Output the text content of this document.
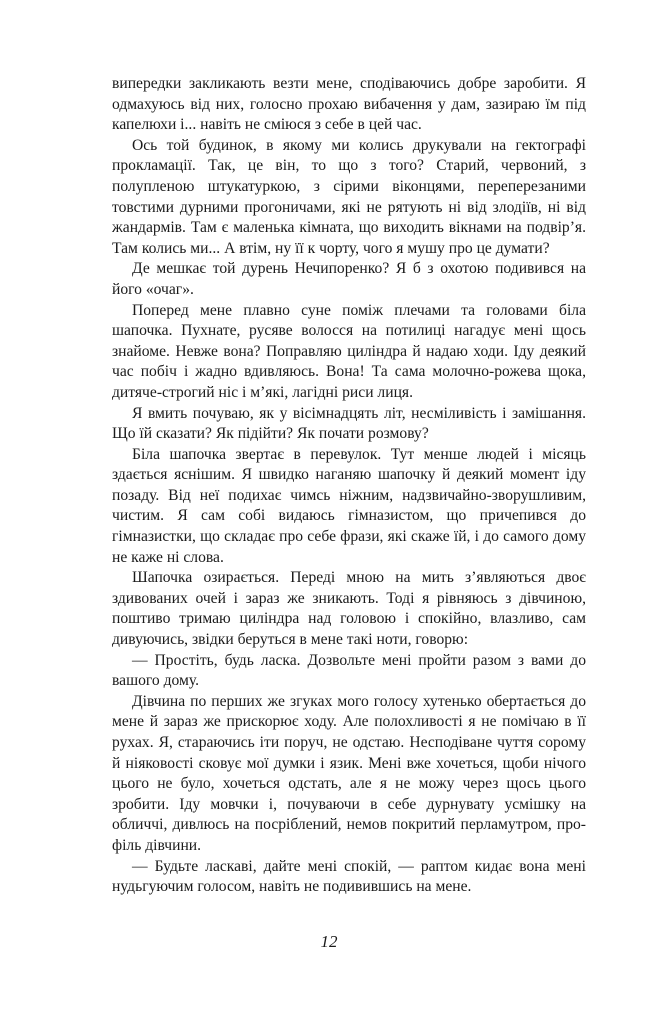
випередки закликають везти мене, сподіваючись добре заробити. Я одмахуюсь від них, голосно прохаю вибачення у дам, зазираю їм під капелюхи і... навіть не сміюся з себе в цей час.

Ось той будинок, в якому ми колись друкували на гектографі прокламації. Так, це він, то що з того? Старий, червоний, з полупленою штукатуркою, з сірими віконцями, переперезаними товстими дурними прогоничами, які не рятують ні від злодіїв, ні від жандармів. Там є маленька кімната, що виходить вікнами на подвір’я. Там колись ми... А втім, ну її к чорту, чого я мушу про це думати?

Де мешкає той дурень Нечипоренко? Я б з охотою подивився на його «очаг».

Поперед мене плавно суне поміж плечами та головами біла шапочка. Пухнате, русяве волосся на потилиці нагадує мені щось знайоме. Невже вона? Поправляю циліндра й надаю ходи. Іду деякий час побіч і жадно вдивляюсь. Вона! Та сама молочно-рожева щока, дитяче-строгий ніс і м’які, лагідні риси лиця.

Я вмить почуваю, як у вісімнадцять літ, несміливість і замішання. Що їй сказати? Як підійти? Як почати розмову?

Біла шапочка звертає в перевулок. Тут менше людей і місяць здається яснішим. Я швидко наганяю шапочку й деякий момент іду позаду. Від неї подихає чимсь ніжним, надзвичайно-зворушливим, чистим. Я сам собі видаюсь гімназистом, що причепився до гімназистки, що складає про себе фрази, які скаже їй, і до самого дому не каже ні слова.

Шапочка озирається. Переді мною на мить з’являються двоє здивованих очей і зараз же зникають. Тоді я рівняюсь з дівчиною, поштиво тримаю циліндра над головою і спокійно, влазливо, сам дивуючись, звідки беруться в мене такі ноти, говорю:

— Простіть, будь ласка. Дозвольте мені пройти разом з вами до вашого дому.

Дівчина по перших же згуках мого голосу хутенько обертається до мене й зараз же прискорює ходу. Але полохливості я не помічаю в її рухах. Я, стараючись іти поруч, не одстаю. Несподіване чуття сорому й ніяковості сковує мої думки і язик. Мені вже хочеться, щоби нічого цього не було, хочеться одстать, але я не можу через щось цього зробити. Іду мовчки і, почуваючи в себе дурнувату усмішку на обличчі, дивлюсь на посріблений, немов покритий перламутром, профіль дівчини.

— Будьте ласкаві, дайте мені спокій, — раптом кидає вона мені нудьгуючим голосом, навіть не подивившись на мене.

12
